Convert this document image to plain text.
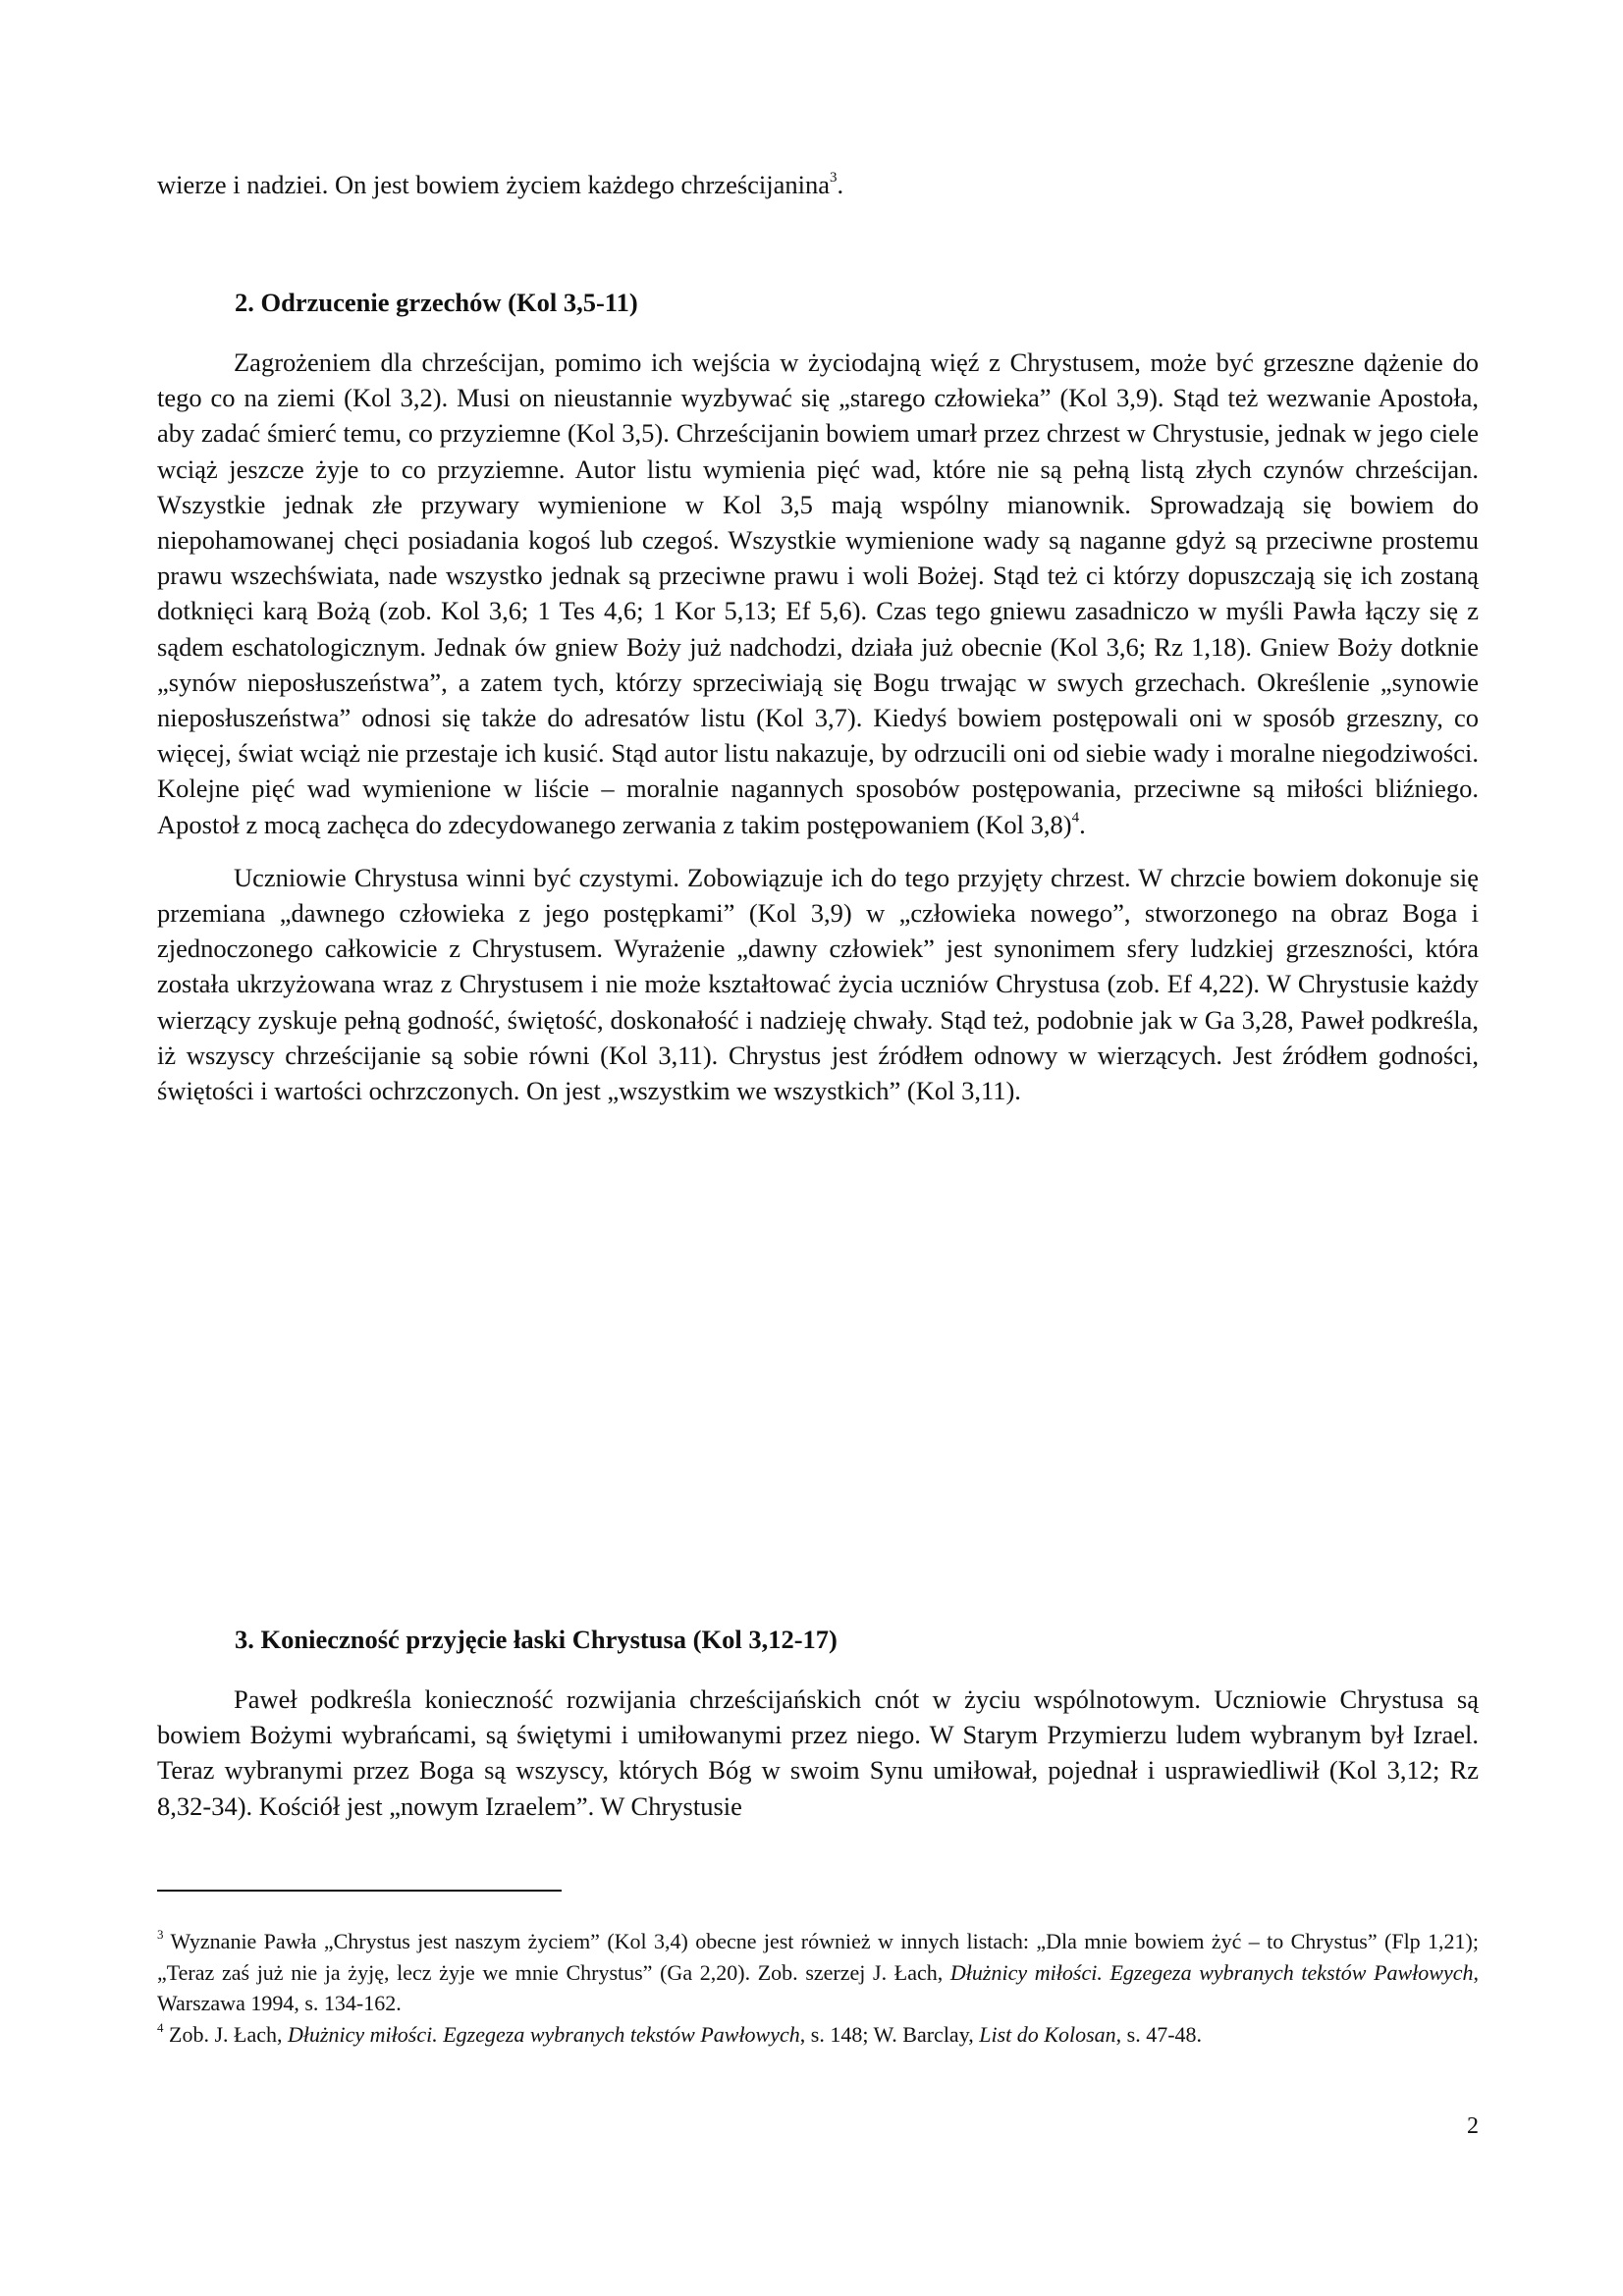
wierze i nadziei. On jest bowiem życiem każdego chrześcijanina$^3$.

2. Odrzucenie grzechów (Kol 3,5-11)

Zagrożeniem dla chrześcijan, pomimo ich wejścia w życiodajną więź z Chrystusem, może być grzeszne dążenie do tego co na ziemi (Kol 3,2). Musi on nieustannie wyzbywać się „starego człowieka” (Kol 3,9). Stąd też wezwanie Apostoła, aby zadać śmierć temu, co przyziemne (Kol 3,5). Chrześcijanin bowiem umarł przez chrzest w Chrystusie, jednak w jego ciele wciąż jeszcze żyje to co przyziemne. Autor listu wymienia pięć wad, które nie są pełną listą złych czynów chrześcijan. Wszystkie jednak złe przywary wymienione w Kol 3,5 mają wspólny mianownik. Sprowadzają się bowiem do niepohamowanej chęci posiadania kogoś lub czegoś. Wszystkie wymienione wady są naganne gdyż są przeciwne prostemu prawu wszechświata, nade wszystko jednak są przeciwne prawu i woli Bożej. Stąd też ci którzy dopuszczają się ich zostaną dotknięci karą Bożą (zob. Kol 3,6; 1 Tes 4,6; 1 Kor 5,13; Ef 5,6). Czas tego gniewu zasadniczo w myśli Pawła łączy się z sądem eschatologicznym. Jednak ów gniew Boży już nadchodzi, działa już obecnie (Kol 3,6; Rz 1,18). Gniew Boży dotknie „synów nieposłuszeństwa”, a zatem tych, którzy sprzeciwiają się Bogu trwając w swych grzechach. Określenie „synowie nieposłuszeństwa” odnosi się także do adresatów listu (Kol 3,7). Kiedyś bowiem postępowali oni w sposób grzeszny, co więcej, świat wciąż nie przestaje ich kusić. Stąd autor listu nakazuje, by odrzucili oni od siebie wady i moralne niegodziwości. Kolejne pięć wad wymienione w liście – moralnie nagannych sposobów postępowania, przeciwne są miłości bliźniego. Apostoł z mocą zachęca do zdecydowanego zerwania z takim postępowaniem (Kol 3,8)$^4$.

Uczniowie Chrystusa winni być czystymi. Zobowiązuje ich do tego przyjęty chrzest. W chrzcie bowiem dokonuje się przemiana „dawnego człowieka z jego postępkami” (Kol 3,9) w „człowieka nowego”, stworzonego na obraz Boga i zjednoczonego całkowicie z Chrystusem. Wyrażenie „dawny człowiek” jest synonimem sfery ludzkiej grzeszności, która została ukrzyżowana wraz z Chrystusem i nie może kształtować życia uczniów Chrystusa (zob. Ef 4,22). W Chrystusie każdy wierzący zyskuje pełną godność, świętość, doskonałość i nadzieję chwały. Stąd też, podobnie jak w Ga 3,28, Paweł podkreśla, iż wszyscy chrześcijanie są sobie równi (Kol 3,11). Chrystus jest źródłem odnowy w wierzących. Jest źródłem godności, świętości i wartości ochrzczonych. On jest „wszystkim we wszystkich” (Kol 3,11).

3. Konieczność przyjęcie łaski Chrystusa (Kol 3,12-17)

Paweł podkreśla konieczność rozwijania chrześcijańskich cnót w życiu wspólnotowym. Uczniowie Chrystusa są bowiem Bożymi wybrańcami, są świętymi i umiłowanymi przez niego. W Starym Przymierzu ludem wybranym był Izrael. Teraz wybranymi przez Boga są wszyscy, których Bóg w swoim Synu umiłował, pojednał i usprawiedliwił (Kol 3,12; Rz 8,32-34). Kościół jest „nowym Izraelem”. W Chrystusie

$^3$ Wyznanie Pawła „Chrystus jest naszym życiem” (Kol 3,4) obecne jest również w innych listach: „Dla mnie bowiem żyć – to Chrystus” (Flp 1,21); „Teraz zaś już nie ja żyję, lecz żyje we mnie Chrystus” (Ga 2,20). Zob. szerzej J. Łach, Dłużnicy miłości. Egzegeza wybranych tekstów Pawłowych, Warszawa 1994, s. 134-162.

$^4$ Zob. J. Łach, Dłużnicy miłości. Egzegeza wybranych tekstów Pawłowych, s. 148; W. Barclay, List do Kolosan, s. 47-48.

2
